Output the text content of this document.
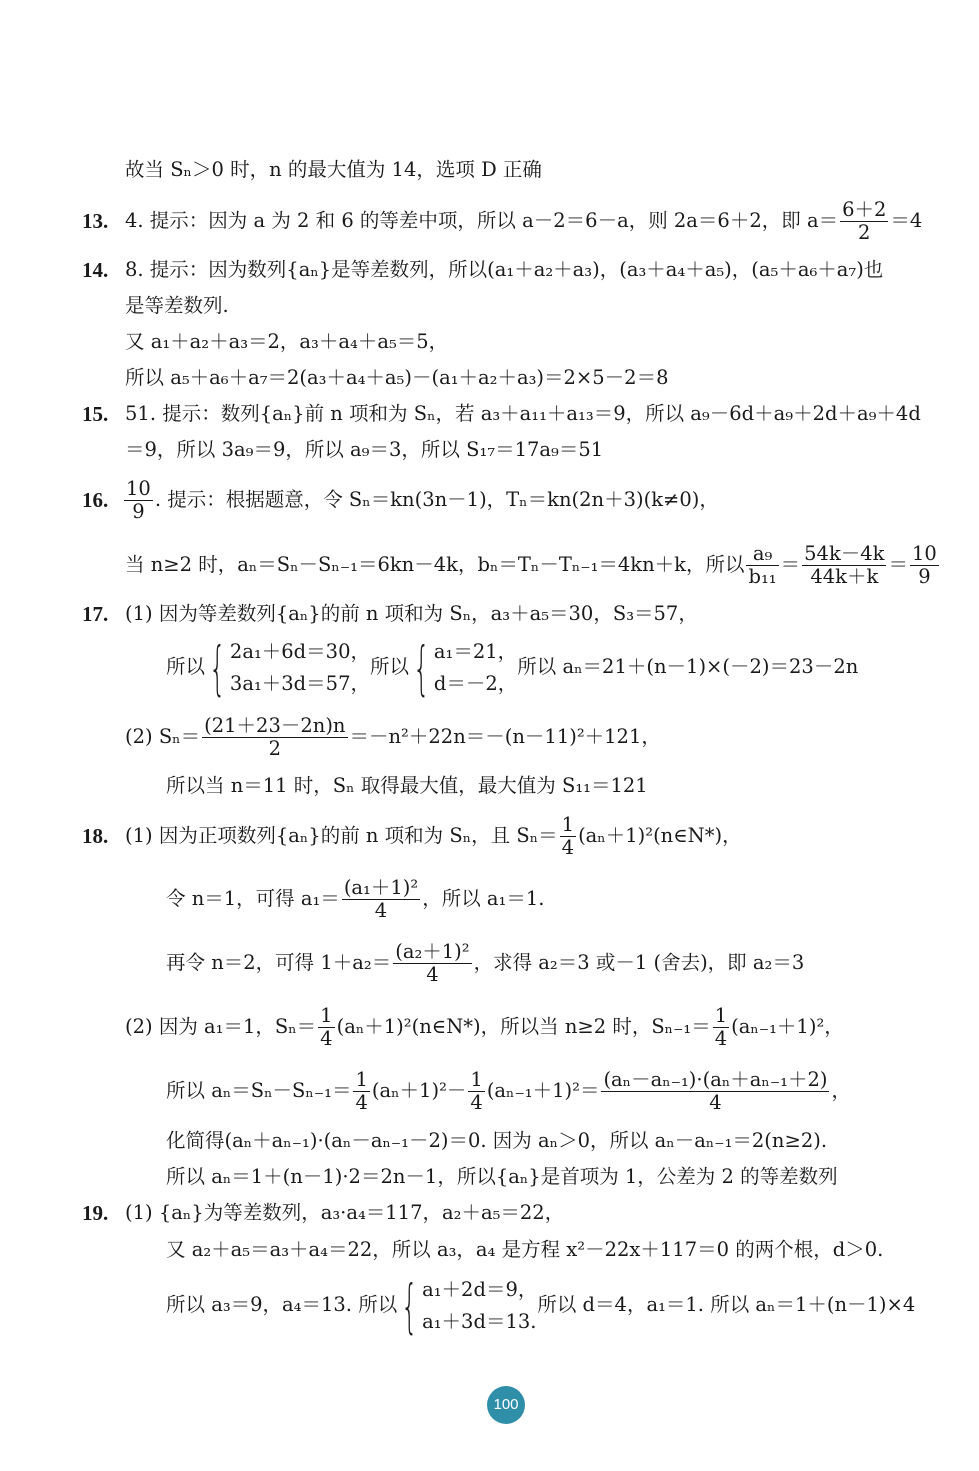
故当 Sₙ＞0 时，n 的最大值为 14，选项 D 正确
13. 4. 提示：因为 a 为 2 和 6 的等差中项，所以 a－2＝6－a，则 2a＝6＋2，即 $a= \frac{6+2}{2} =4$
14. 8. 提示：因为数列{aₙ}是等差数列，所以(a₁＋a₂＋a₃)，(a₃＋a₄＋a₅)，(a₅＋a₆＋a₇)也
是等差数列.
又 a₁＋a₂＋a₃＝2，a₃＋a₄＋a₅＝5，
所以 a₅＋a₆＋a₇＝2(a₃＋a₄＋a₅)－(a₁＋a₂＋a₃)＝2×5－2＝8
15. 51. 提示：数列{aₙ}前 n 项和为 Sₙ，若 a₃＋a₁₁＋a₁₃＝9，所以 a₉－6d＋a₉＋2d＋a₉＋4d
＝9，所以 3a₉＝9，所以 a₉＝3，所以 S₁₇＝17a₉＝51
16. $\frac{10}{9}$ . 提示：根据题意，令 Sₙ＝kn(3n－1)，Tₙ＝kn(2n＋3)(k≠0)，
当 n≥2 时，aₙ＝Sₙ－Sₙ₋₁＝6kn－4k，bₙ＝Tₙ－Tₙ₋₁＝4kn＋k，所以 $\frac{\text{a₉}}{\text{b₁₁}} = \frac{54k-4k}{44k+k} = \frac{10}{9}$
17. (1) 因为等差数列{aₙ}的前 n 项和为 Sₙ，a₃＋a₅＝30，S₃＝57，
所以{ 2a₁＋6d＝30，
3a₁＋3d＝57，
所以{ a₁＝21，
d＝－2，
所以 aₙ＝21＋(n－1)×(－2)＝23－2n
(2) $S_n= \frac{(21+23-2n)n}{2} =-n^2+22n=-(n-11)^2+121$，
所以当 n＝11 时，Sₙ 取得最大值，最大值为 S₁₁＝121
18. (1) 因为正项数列{aₙ}的前 n 项和为 Sₙ，且 $S_n= \frac{1}{4}$ (aₙ＋1)²(n∈N*)，
令 n＝1，可得 $a_1= \frac{\text{(a₁＋1)²}}{4}$ ，所以 a₁＝1.
再令 n＝2，可得 $1+a_2= \frac{\text{(a₂＋1)²}}{4}$ ，求得 a₂＝3 或－1 (舍去)，即 a₂＝3
(2) 因为 a₁＝1，$S_n= \frac{1}{4}$ (aₙ＋1)²(n∈N*)，所以当 n≥2 时，$S_{n-1}= \frac{1}{4} (a_{n-1}+1)^2$，
所以 $a_n=S_n-S_{n-1}= \frac{1}{4} (a_n+1)^2- \frac{1}{4} (a_{n-1}+1)^2= \frac{\text{(aₙ－aₙ₋₁)·(aₙ＋aₙ₋₁＋2)}}{4}$ ，
化简得(aₙ＋aₙ₋₁)·(aₙ－aₙ₋₁－2)＝0. 因为 aₙ＞0，所以 aₙ－aₙ₋₁＝2(n≥2).
所以 aₙ＝1＋(n－1)·2＝2n－1，所以{aₙ}是首项为 1，公差为 2 的等差数列
19. (1) {aₙ}为等差数列，a₃·a₄＝117，a₂＋a₅＝22，
又 a₂＋a₅＝a₃＋a₄＝22，所以 a₃，a₄ 是方程 x²－22x＋117＝0 的两个根，d＞0.
所以 a₃＝9，a₄＝13. 所以{ a₁＋2d＝9，
a₁＋3d＝13.
所以 d＝4，a₁＝1. 所以 aₙ＝1＋(n－1)×4
100
